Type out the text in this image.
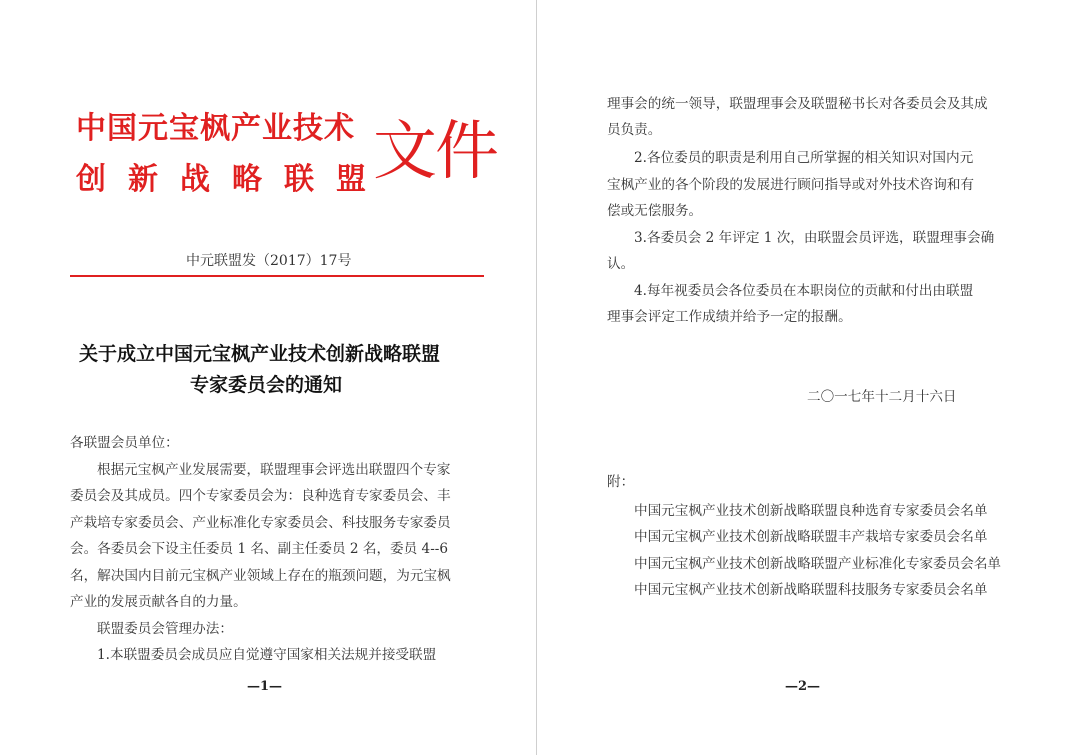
中国元宝枫产业技术
创新战略联盟
文件
中元联盟发（2017）17号
关于成立中国元宝枫产业技术创新战略联盟
专家委员会的通知
各联盟会员单位：
根据元宝枫产业发展需要，联盟理事会评选出联盟四个专家
委员会及其成员。四个专家委员会为：良种选育专家委员会、丰
产栽培专家委员会、产业标准化专家委员会、科技服务专家委员
会。各委员会下设主任委员 1 名、副主任委员 2 名，委员 4--6
名，解决国内目前元宝枫产业领域上存在的瓶颈问题，为元宝枫
产业的发展贡献各自的力量。
联盟委员会管理办法：
1.本联盟委员会成员应自觉遵守国家相关法规并接受联盟
—1—
理事会的统一领导，联盟理事会及联盟秘书长对各委员会及其成
员负责。
2.各位委员的职责是利用自己所掌握的相关知识对国内元
宝枫产业的各个阶段的发展进行顾问指导或对外技术咨询和有
偿或无偿服务。
3.各委员会 2 年评定 1 次，由联盟会员评选，联盟理事会确
认。
4.每年视委员会各位委员在本职岗位的贡献和付出由联盟
理事会评定工作成绩并给予一定的报酬。
二〇一七年十二月十六日
附：
中国元宝枫产业技术创新战略联盟良种选育专家委员会名单
中国元宝枫产业技术创新战略联盟丰产栽培专家委员会名单
中国元宝枫产业技术创新战略联盟产业标准化专家委员会名单
中国元宝枫产业技术创新战略联盟科技服务专家委员会名单
—2—
